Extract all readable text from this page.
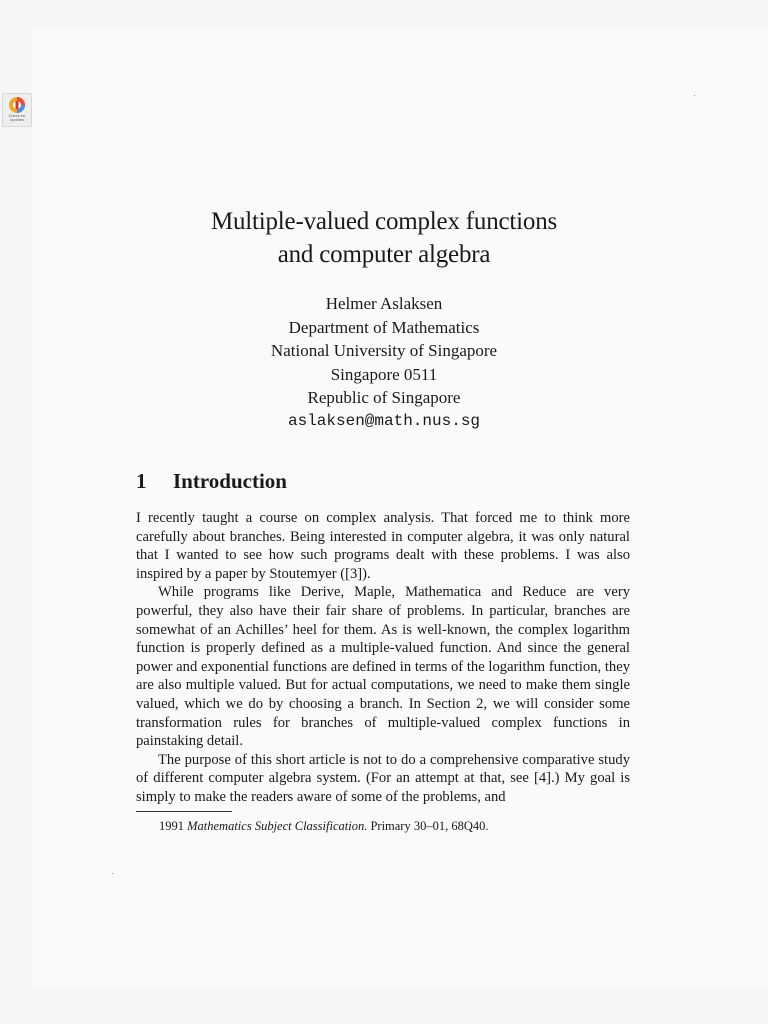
Check for updates
Multiple-valued complex functions
and computer algebra
Helmer Aslaksen
Department of Mathematics
National University of Singapore
Singapore 0511
Republic of Singapore
aslaksen@math.nus.sg
1 Introduction

I recently taught a course on complex analysis. That forced me to think more carefully about branches. Being interested in computer algebra, it was only natural that I wanted to see how such programs dealt with these problems. I was also inspired by a paper by Stoutemyer ([3]).

While programs like Derive, Maple, Mathematica and Reduce are very powerful, they also have their fair share of problems. In particular, branches are somewhat of an Achilles’ heel for them. As is well-known, the complex logarithm function is properly defined as a multiple-valued function. And since the general power and exponential functions are defined in terms of the logarithm function, they are also multiple valued. But for actual computations, we need to make them single valued, which we do by choosing a branch. In Section 2, we will consider some transformation rules for branches of multiple-valued complex functions in painstaking detail.

The purpose of this short article is not to do a comprehensive comparative study of different computer algebra system. (For an attempt at that, see [4].) My goal is simply to make the readers aware of some of the problems, and

1991 Mathematics Subject Classification. Primary 30–01, 68Q40.
